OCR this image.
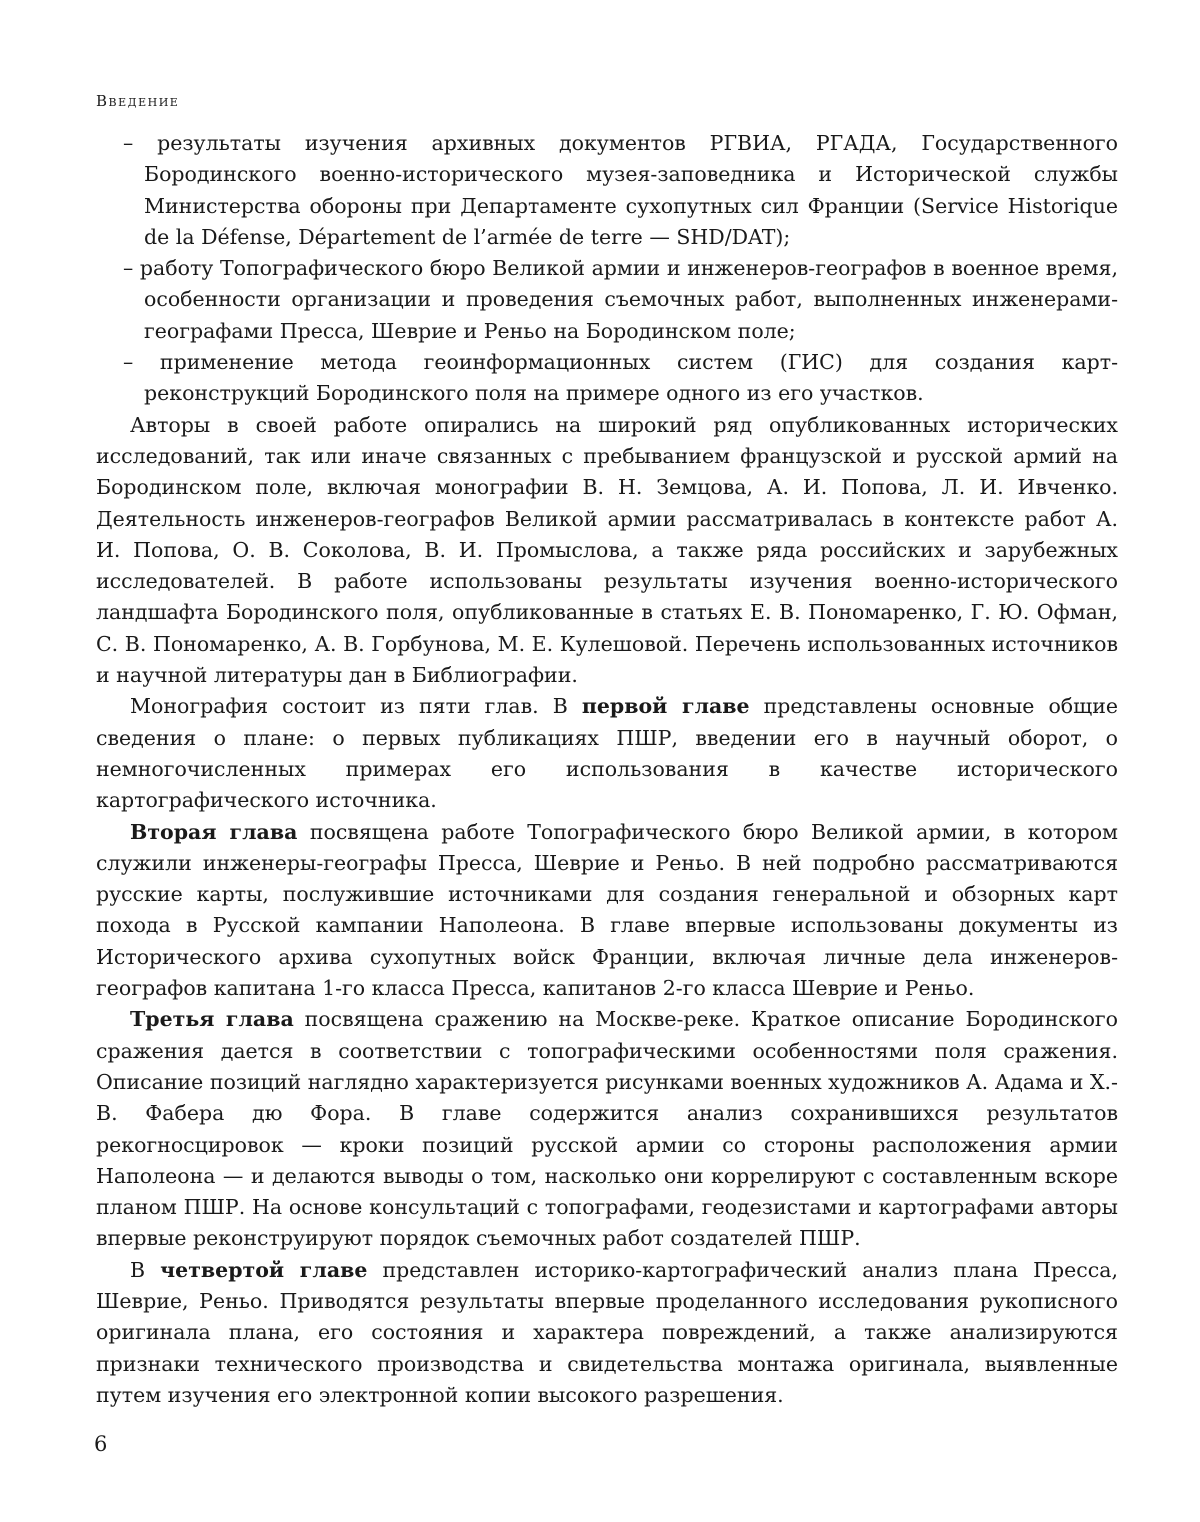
Введение

– результаты изучения архивных документов РГВИА, РГАДА, Государственного Бородинского военно-исторического музея-заповедника и Исторической службы Министерства обороны при Департаменте сухопутных сил Франции (Service Historique de la Défense, Département de l’armée de terre — SHD/DAT);

– работу Топографического бюро Великой армии и инженеров-географов в военное время, особенности организации и проведения съемочных работ, выполненных инженерами-географами Пресса, Шеврие и Реньо на Бородинском поле;

– применение метода геоинформационных систем (ГИС) для создания карт-реконструкций Бородинского поля на примере одного из его участков.

Авторы в своей работе опирались на широкий ряд опубликованных исторических исследований, так или иначе связанных с пребыванием французской и русской армий на Бородинском поле, включая монографии В. Н. Земцова, А. И. Попова, Л. И. Ивченко. Деятельность инженеров-географов Великой армии рассматривалась в контексте работ А. И. Попова, О. В. Соколова, В. И. Промыслова, а также ряда российских и зарубежных исследователей. В работе использованы результаты изучения военно-исторического ландшафта Бородинского поля, опубликованные в статьях Е. В. Пономаренко, Г. Ю. Офман, С. В. Пономаренко, А. В. Горбунова, М. Е. Кулешовой. Перечень использованных источников и научной литературы дан в Библиографии.

Монография состоит из пяти глав. В первой главе представлены основные общие сведения о плане: о первых публикациях ПШР, введении его в научный оборот, о немногочисленных примерах его использования в качестве исторического картографического источника.

Вторая глава посвящена работе Топографического бюро Великой армии, в котором служили инженеры-географы Пресса, Шеврие и Реньо. В ней подробно рассматриваются русские карты, послужившие источниками для создания генеральной и обзорных карт похода в Русской кампании Наполеона. В главе впервые использованы документы из Исторического архива сухопутных войск Франции, включая личные дела инженеров-географов капитана 1-го класса Пресса, капитанов 2-го класса Шеврие и Реньо.

Третья глава посвящена сражению на Москве-реке. Краткое описание Бородинского сражения дается в соответствии с топографическими особенностями поля сражения. Описание позиций наглядно характеризуется рисунками военных художников А. Адама и Х.-В. Фабера дю Фора. В главе содержится анализ сохранившихся результатов рекогносцировок — кроки позиций русской армии со стороны расположения армии Наполеона — и делаются выводы о том, насколько они коррелируют с составленным вскоре планом ПШР. На основе консультаций с топографами, геодезистами и картографами авторы впервые реконструируют порядок съемочных работ создателей ПШР.

В четвертой главе представлен историко-картографический анализ плана Пресса, Шеврие, Реньо. Приводятся результаты впервые проделанного исследования рукописного оригинала плана, его состояния и характера повреждений, а также анализируются признаки технического производства и свидетельства монтажа оригинала, выявленные путем изучения его электронной копии высокого разрешения.

6
